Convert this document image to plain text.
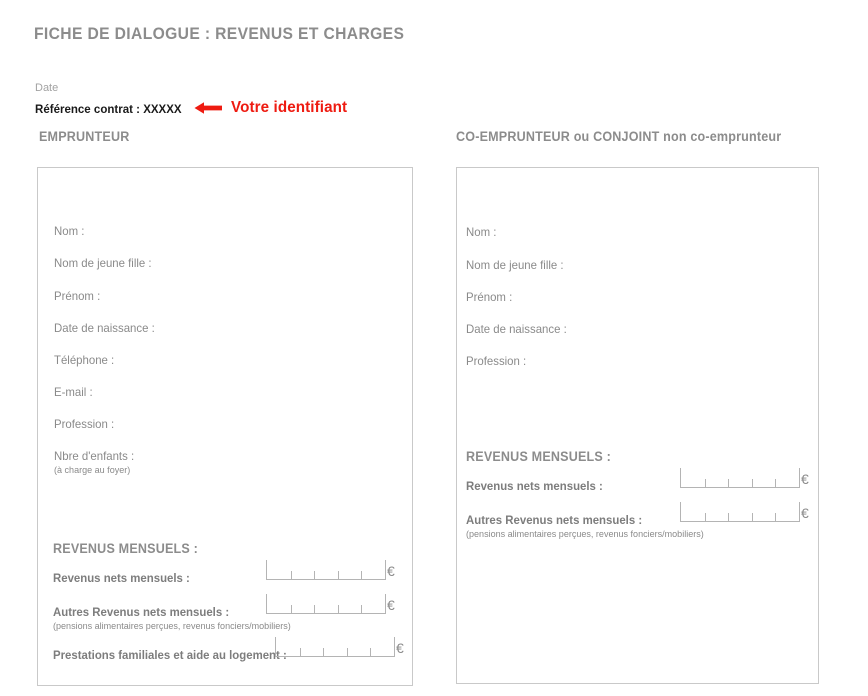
FICHE DE DIALOGUE : REVENUS ET CHARGES
Date
Référence contrat : XXXXX	Votre identifiant
EMPRUNTEUR	CO-EMPRUNTEUR ou CONJOINT non co-emprunteur
Nom :
Nom de jeune fille :
Prénom :
Date de naissance :
Téléphone :
E-mail :
Profession :
Nbre d'enfants :
(à charge au foyer)
REVENUS MENSUELS :
Revenus nets mensuels :	€
Autres Revenus nets mensuels :
(pensions alimentaires perçues, revenus fonciers/mobiliers)
€
Prestations familiales et aide au logement :	€
Nom :
Nom de jeune fille :
Prénom :
Date de naissance :
Profession :
REVENUS MENSUELS :
Revenus nets mensuels :	€
Autres Revenus nets mensuels :
(pensions alimentaires perçues, revenus fonciers/mobiliers)
€
